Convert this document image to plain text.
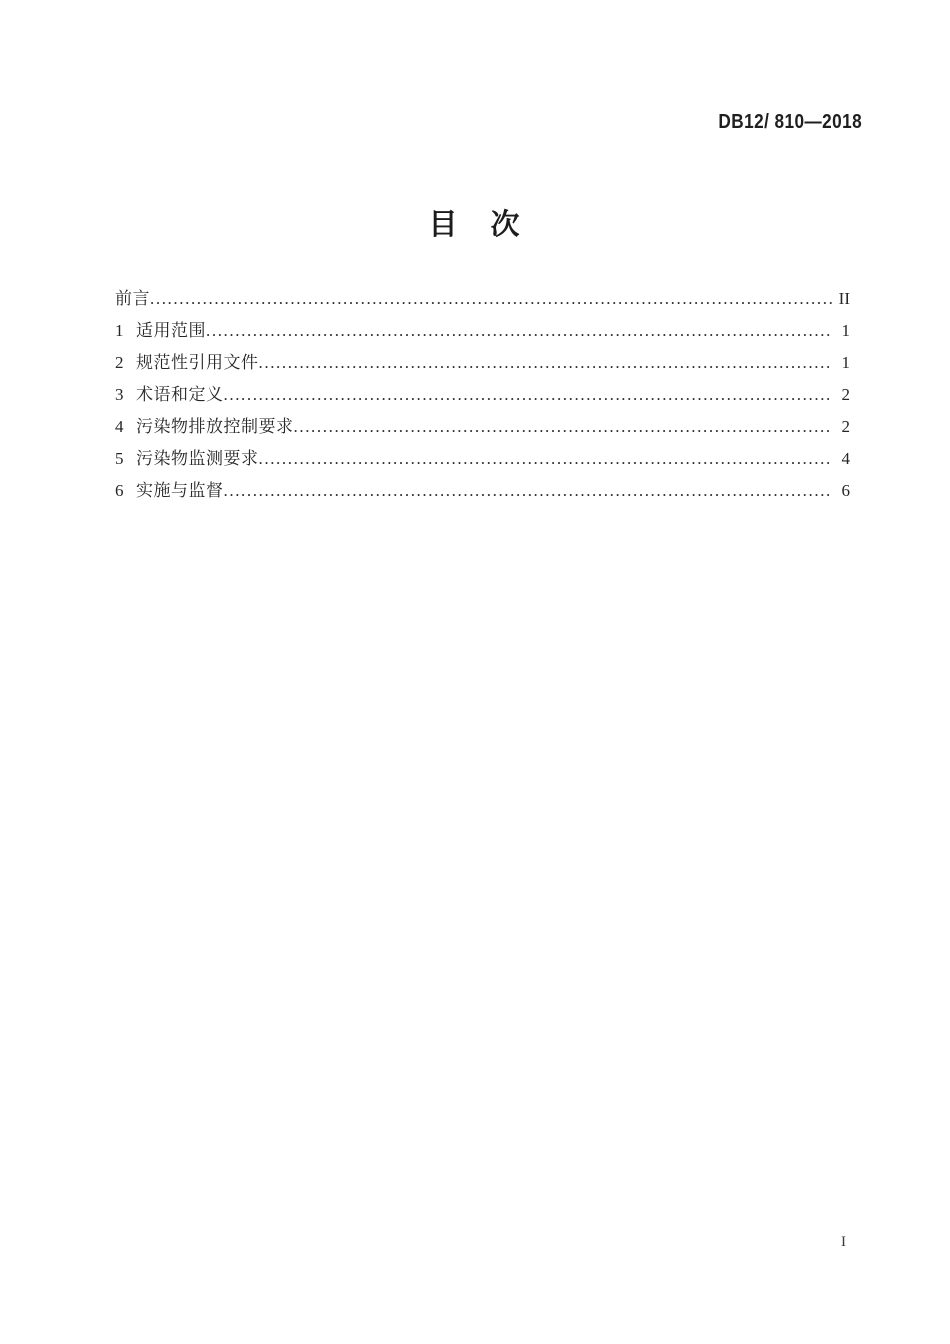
DB12/ 810—2018
目　次
前言 .....	II
1 适用范围 .....	1
2 规范性引用文件 .....	1
3 术语和定义 .....	2
4 污染物排放控制要求 .....	2
5 污染物监测要求 .....	4
6 实施与监督 .....	6
I
